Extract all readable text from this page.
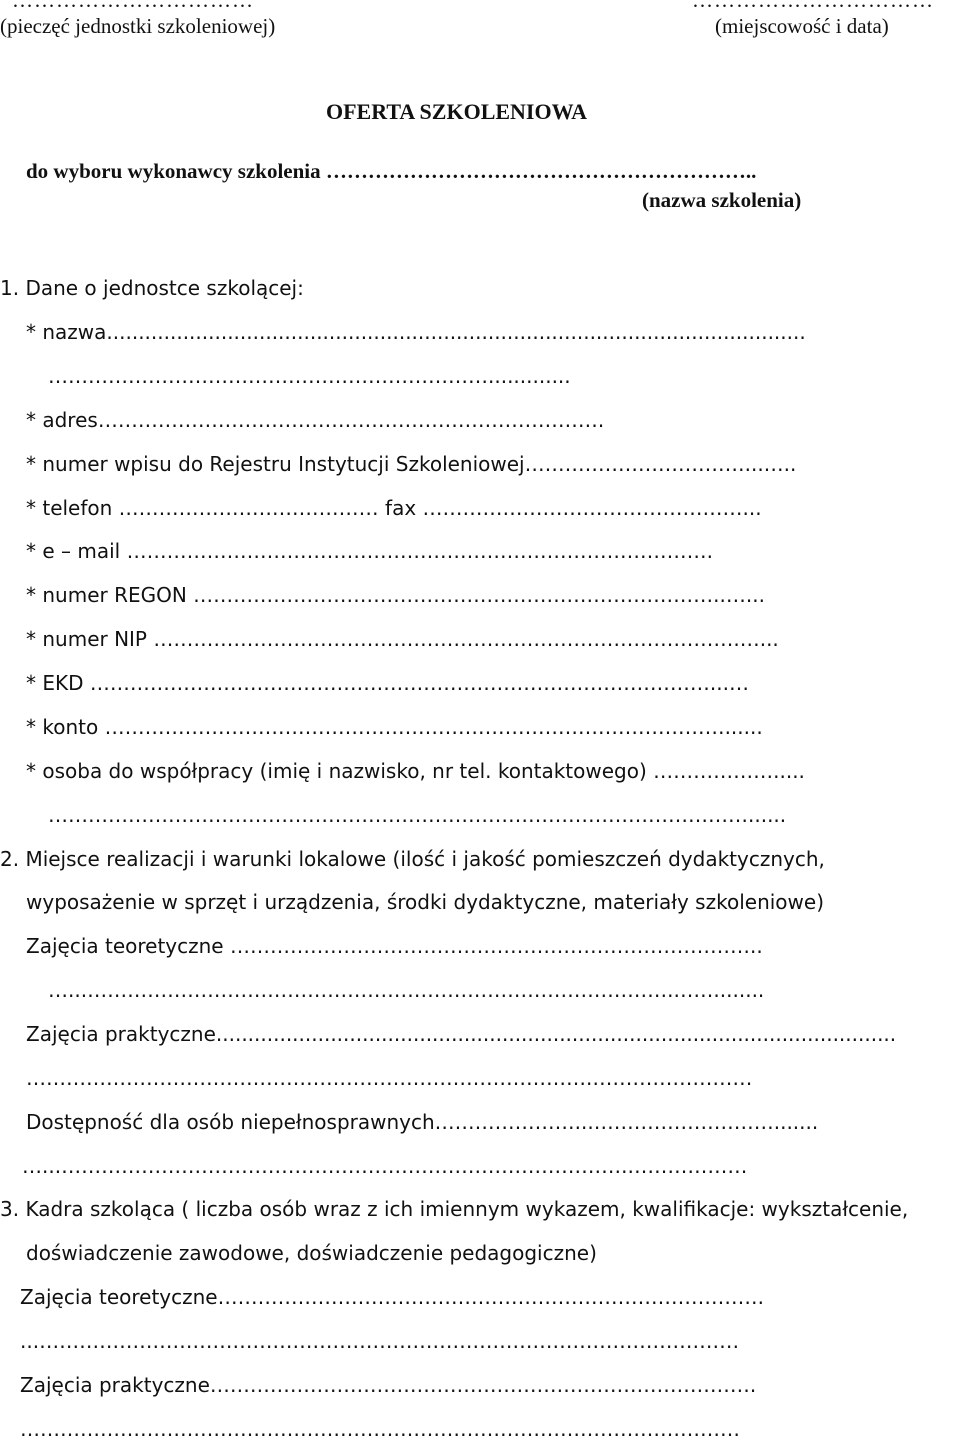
……………………………	……………………………
(pieczęć jednostki szkoleniowej)	(miejscowość i data)
OFERTA SZKOLENIOWA
do wyboru wykonawcy szkolenia ……………………………………………………..
(nazwa szkolenia)
1. Dane o jednostce szkolącej:
* nazwa..............................................................................................................
………………………………………………………….............
* adres………………………………………………………………….
* numer wpisu do Rejestru Instytucji Szkoleniowej……………………………...…..
* telefon ………………………………… fax …………………………………………...
* e – mail …………………………………………………………………………….
* numer REGON ……………………………………………………………………..…...
* numer NIP …………………………………………………………………………….…...
* EKD …………………………………………………………………………………...…
* konto …………………………………………………………………………………......
* osoba do współpracy (imię i nazwisko, nr tel. kontaktowego) ……………….....
……………………………………………………………………………………………......
2. Miejsce realizacji i warunki lokalowe (ilość i jakość pomieszczeń dydaktycznych,
wyposażenie w sprzęt i urządzenia, środki dydaktyczne, materiały szkoleniowe)
Zajęcia teoretyczne ……………………………………………………………………..
…...…………………………………………………………………………….……........
Zajęcia praktyczne...........................................................................................................
………………………………………………………………………….……………………
Dostępność dla osób niepełnosprawnych…………………...……………………….......
…...………………………………………………………………………….………………
3. Kadra szkoląca ( liczba osób wraz z ich imiennym wykazem, kwalifikacje: wykształcenie,
doświadczenie zawodowe, doświadczenie pedagogiczne)
Zajęcia teoretyczne……………………………………………………………………….
...……………………………………………………………………………………………
Zajęcia praktyczne……………………………………………………………………….
………………………………………………………………………………………………
